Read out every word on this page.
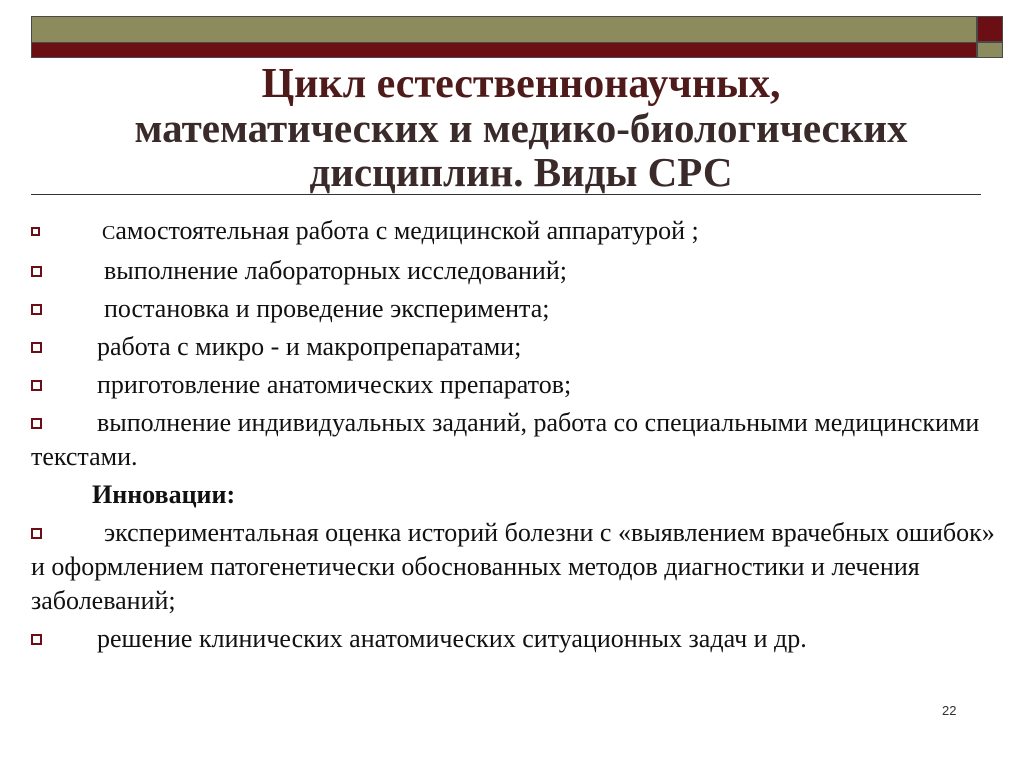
Цикл естественнонаучных,
математических и медико-биологических
дисциплин. Виды СРС
Самостоятельная работа с медицинской аппаратурой ;
выполнение лабораторных исследований;
постановка и проведение эксперимента;
работа с микро - и макропрепаратами;
приготовление анатомических препаратов;
выполнение индивидуальных заданий, работа со специальными медицинскими текстами.
Инновации:
экспериментальная оценка историй болезни с «выявлением врачебных ошибок» и оформлением патогенетически обоснованных методов диагностики и лечения заболеваний;
решение клинических анатомических ситуационных задач и др.
22
